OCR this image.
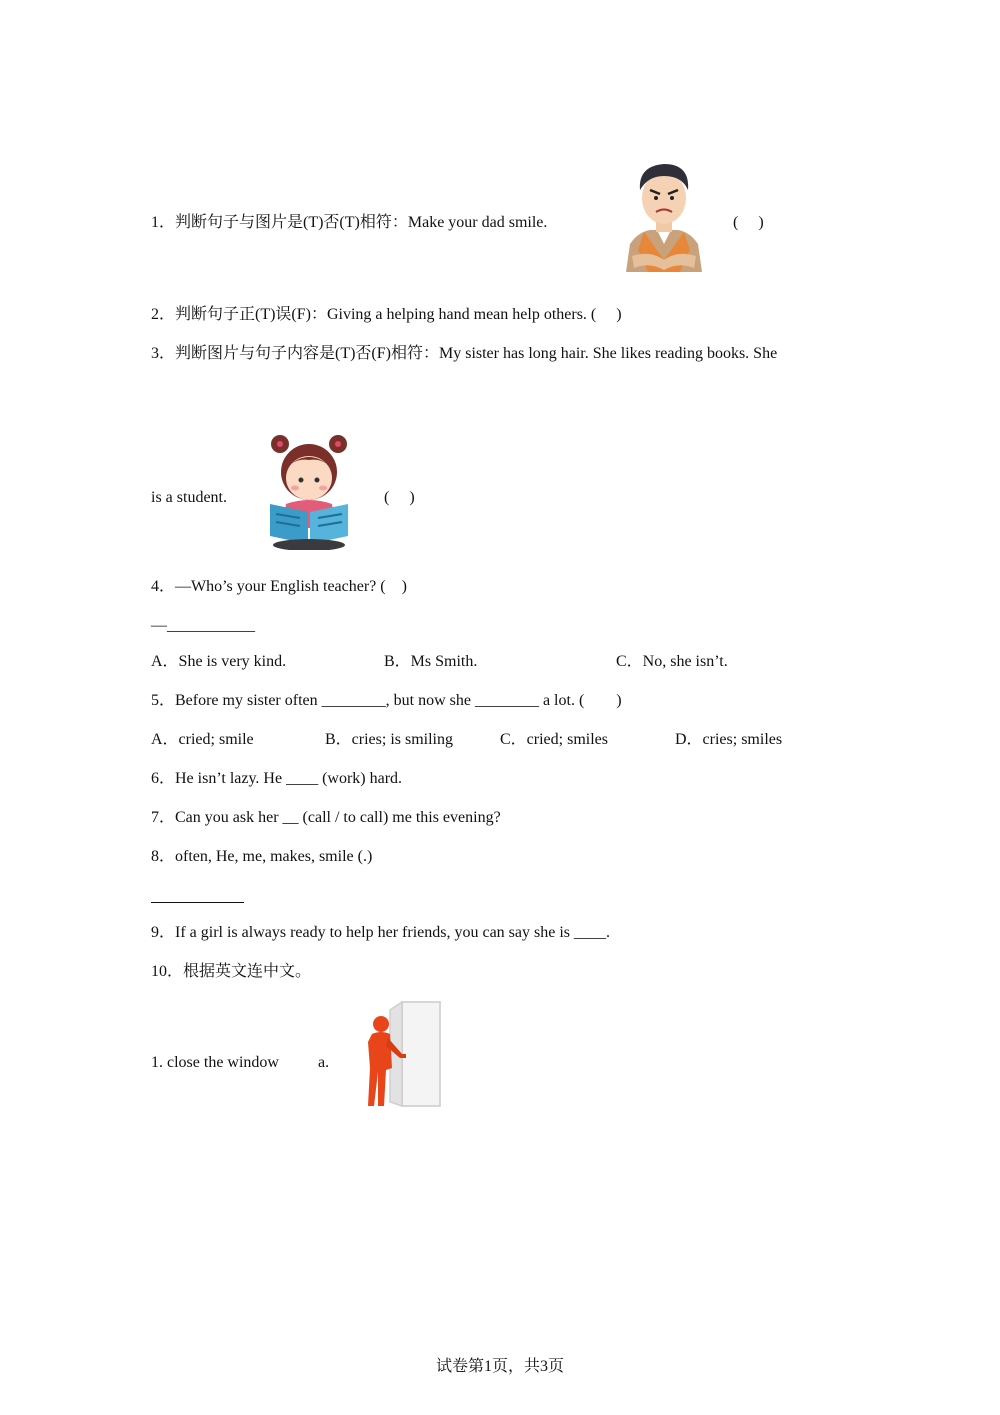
1．判断句子与图片是(T)否(T)相符：Make your dad smile.	(　 )
2．判断句子正(T)误(F)：Giving a helping hand mean help others. (　 )
3．判断图片与句子内容是(T)否(F)相符：My sister has long hair. She likes reading books. She
is a student.	(　 )
4．—Who’s your English teacher? (　)
—___________
A．She is very kind.	B．Ms Smith.	C．No, she isn’t.
5．Before my sister often ________, but now she ________ a lot. (　　)
A．cried; smile	B．cries; is smiling	C．cried; smiles	D．cries; smiles
6．He isn’t lazy. He ____ (work) hard.
7．Can you ask her __ (call / to call) me this evening?
8．often, He, me, makes, smile (.)
9．If a girl is always ready to help her friends, you can say she is ____.
10．根据英文连中文。
1. close the window a.
试卷第1页，共3页
